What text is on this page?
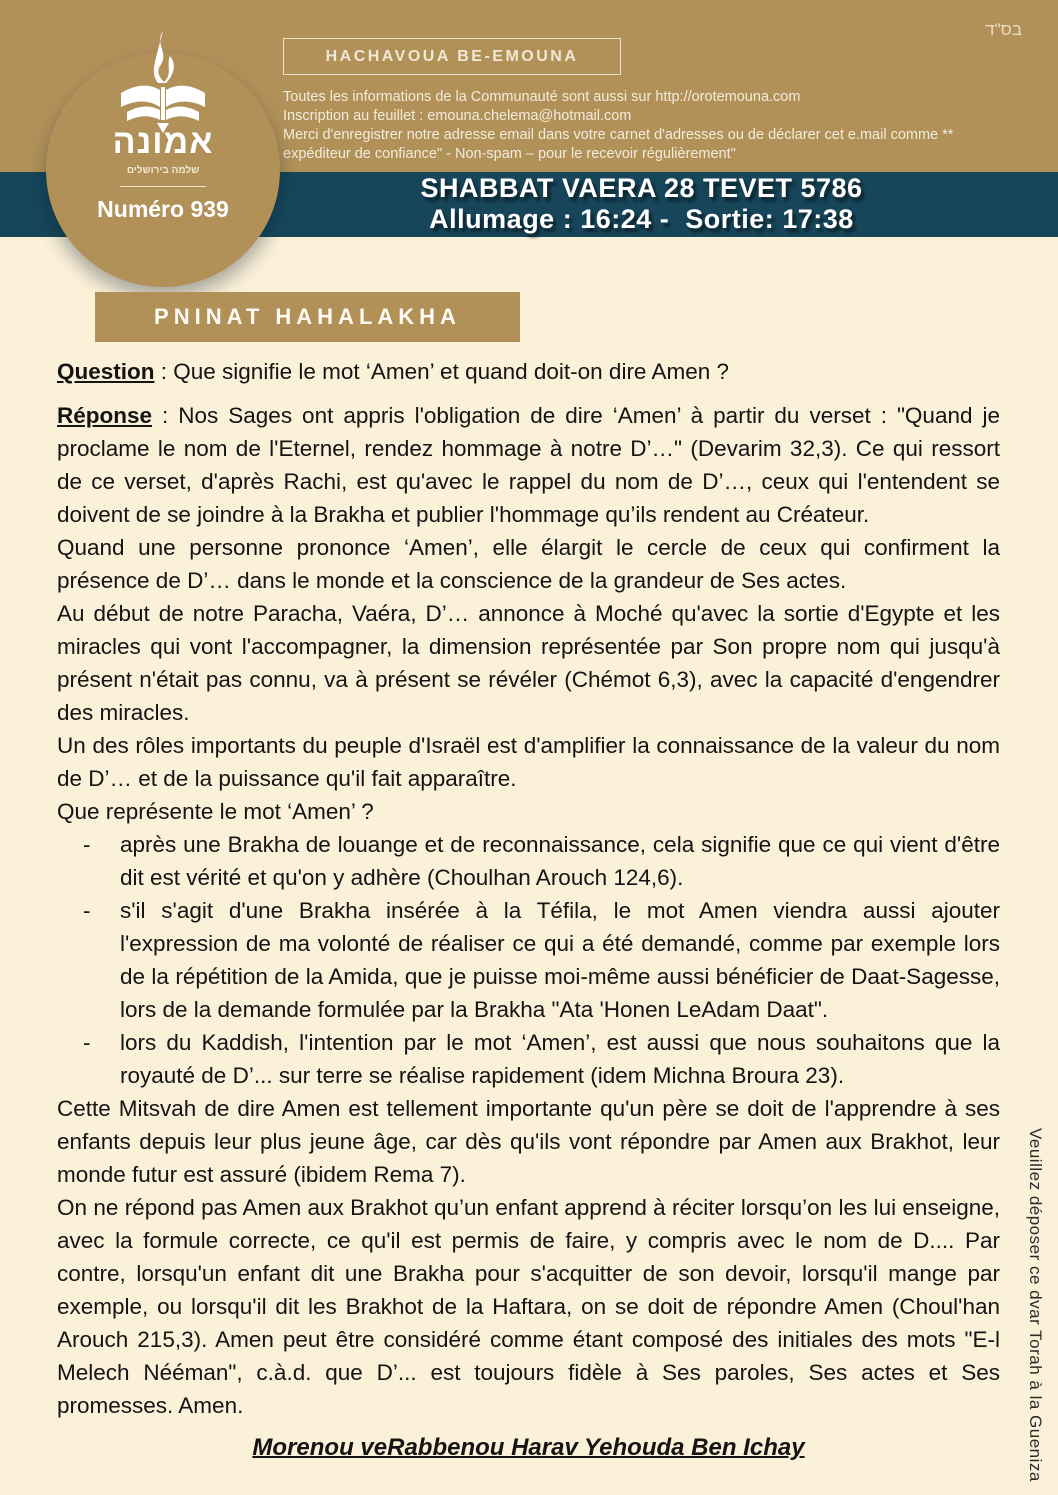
בס"ד
HACHAVOUA BE-EMOUNA
Toutes les informations de la Communauté sont aussi sur http://orotemouna.com
Inscription au feuillet : emouna.chelema@hotmail.com
Merci d'enregistrer notre adresse email dans votre carnet d'adresses ou de déclarer cet e.mail comme **
expéditeur de confiance" - Non-spam – pour le recevoir régulièrement"
SHABBAT VAERA 28 TEVET 5786
Allumage : 16:24 -  Sortie: 17:38
אמונה
שלמה בירושלים
Numéro 939
PNINAT HAHALAKHA

Question : Que signifie le mot ‘Amen’ et quand doit-on dire Amen ?

Réponse : Nos Sages ont appris l'obligation de dire ‘Amen’ à partir du verset : "Quand je proclame le nom de l'Eternel, rendez hommage à notre D’…" (Devarim 32,3). Ce qui ressort de ce verset, d'après Rachi, est qu'avec le rappel du nom de D’…, ceux qui l'entendent se doivent de se joindre à la Brakha et publier l'hommage qu’ils rendent au Créateur.

Quand une personne prononce ‘Amen’, elle élargit le cercle de ceux qui confirment la présence de D’… dans le monde et la conscience de la grandeur de Ses actes.

Au début de notre Paracha, Vaéra, D’… annonce à Moché qu'avec la sortie d'Egypte et les miracles qui vont l'accompagner, la dimension représentée par Son propre nom qui jusqu'à présent n'était pas connu, va à présent se révéler (Chémot 6,3), avec la capacité d'engendrer des miracles.

Un des rôles importants du peuple d'Israël est d'amplifier la connaissance de la valeur du nom de D’… et de la puissance qu'il fait apparaître.

Que représente le mot ‘Amen’ ?

-	après une Brakha de louange et de reconnaissance, cela signifie que ce qui vient d'être dit est vérité et qu'on y adhère (Choulhan Arouch 124,6).
-	s'il s'agit d'une Brakha insérée à la Téfila, le mot Amen viendra aussi ajouter l'expression de ma volonté de réaliser ce qui a été demandé, comme par exemple lors de la répétition de la Amida, que je puisse moi-même aussi bénéficier de Daat-Sagesse, lors de la demande formulée par la Brakha "Ata 'Honen LeAdam Daat".
-	lors du Kaddish, l'intention par le mot ‘Amen’, est aussi que nous souhaitons que la royauté de D’... sur terre se réalise rapidement (idem Michna Broura 23).

Cette Mitsvah de dire Amen est tellement importante qu'un père se doit de l'apprendre à ses enfants depuis leur plus jeune âge, car dès qu'ils vont répondre par Amen aux Brakhot, leur monde futur est assuré (ibidem Rema 7).

On ne répond pas Amen aux Brakhot qu’un enfant apprend à réciter lorsqu’on les lui enseigne, avec la formule correcte, ce qu'il est permis de faire, y compris avec le nom de D.... Par contre, lorsqu'un enfant dit une Brakha pour s'acquitter de son devoir, lorsqu'il mange par exemple, ou lorsqu'il dit les Brakhot de la Haftara, on se doit de répondre Amen (Choul'han Arouch 215,3). Amen peut être considéré comme étant composé des initiales des mots "E-l Melech Nééman", c.à.d. que D’... est toujours fidèle à Ses paroles, Ses actes et Ses promesses. Amen.

Morenou veRabbenou Harav Yehouda Ben Ichay	Veuillez déposer ce dvar Torah à la Gueniza
